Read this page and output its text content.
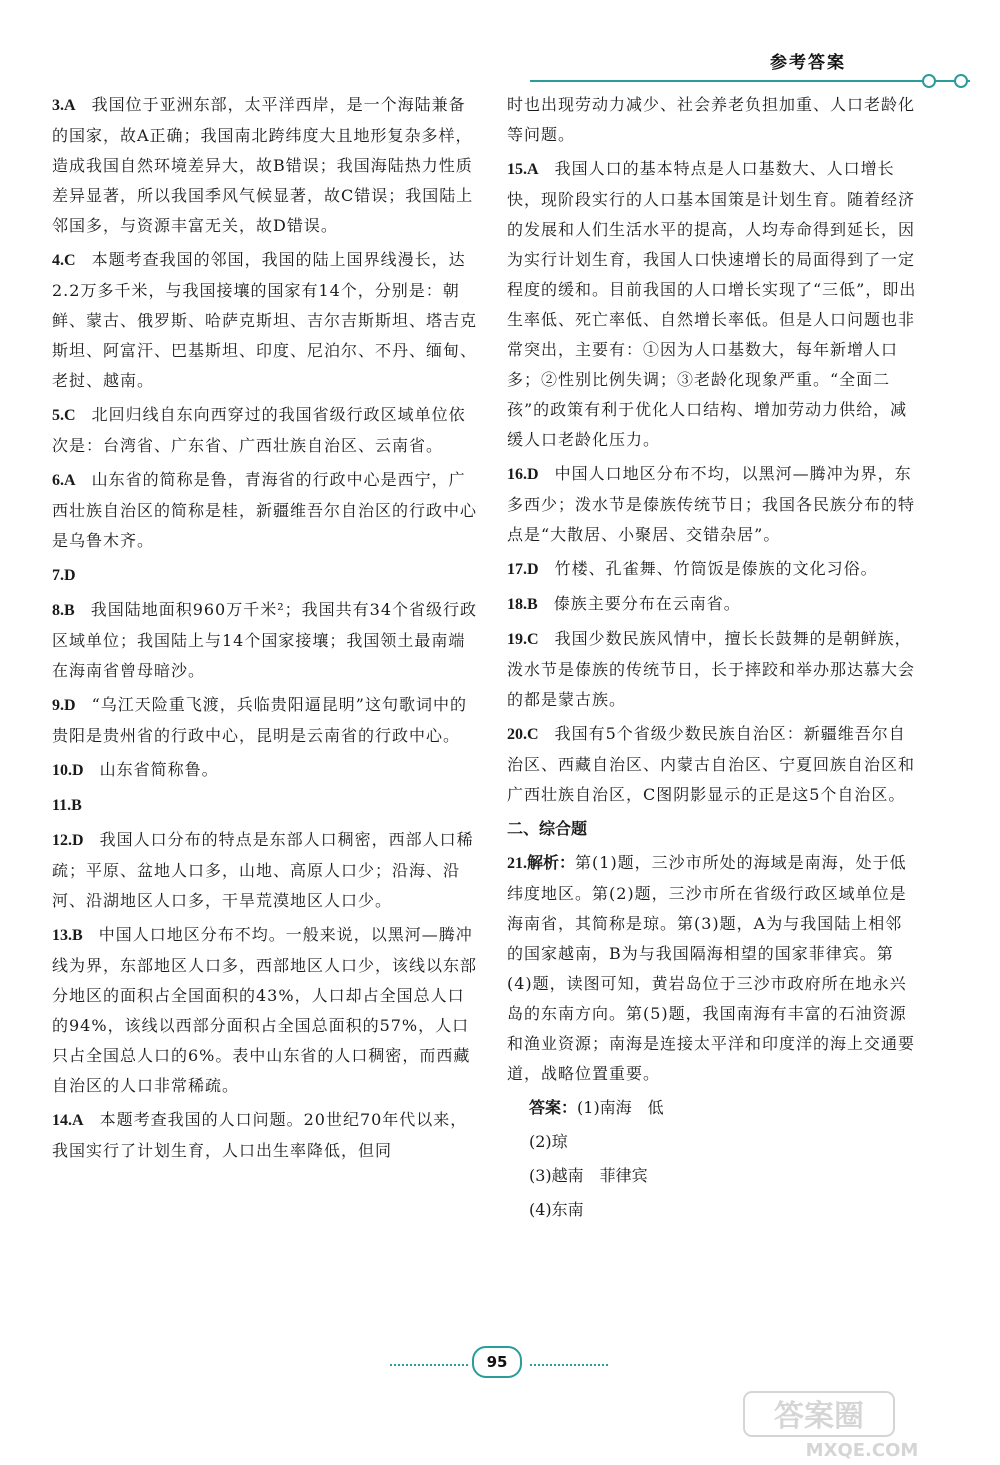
参考答案
3.A　 我国位于亚洲东部，太平洋西岸，是一个海陆兼备的国家，故A正确；我国南北跨纬度大且地形复杂多样，造成我国自然环境差异大，故B错误；我国海陆热力性质差异显著，所以我国季风气候显著，故C错误；我国陆上邻国多，与资源丰富无关，故D错误。
4.C　 本题考查我国的邻国，我国的陆上国界线漫长，达2.2万多千米，与我国接壤的国家有14个，分别是：朝鲜、蒙古、俄罗斯、哈萨克斯坦、吉尔吉斯斯坦、塔吉克斯坦、阿富汗、巴基斯坦、印度、尼泊尔、不丹、缅甸、老挝、越南。
5.C　 北回归线自东向西穿过的我国省级行政区域单位依次是：台湾省、广东省、广西壮族自治区、云南省。
6.A　 山东省的简称是鲁，青海省的行政中心是西宁，广西壮族自治区的简称是桂，新疆维吾尔自治区的行政中心是乌鲁木齐。
7.D
8.B　 我国陆地面积960万千米²；我国共有34个省级行政区域单位；我国陆上与14个国家接壤；我国领土最南端在海南省曾母暗沙。
9.D　 “乌江天险重飞渡，兵临贵阳逼昆明”这句歌词中的贵阳是贵州省的行政中心，昆明是云南省的行政中心。
10.D　 山东省简称鲁。
11.B
12.D　 我国人口分布的特点是东部人口稠密，西部人口稀疏；平原、盆地人口多，山地、高原人口少；沿海、沿河、沿湖地区人口多，干旱荒漠地区人口少。
13.B　 中国人口地区分布不均。一般来说，以黑河—腾冲线为界，东部地区人口多，西部地区人口少，该线以东部分地区的面积占全国面积的43%，人口却占全国总人口的94%，该线以西部分面积占全国总面积的57%，人口只占全国总人口的6%。表中山东省的人口稠密，而西藏自治区的人口非常稀疏。
14.A　 本题考查我国的人口问题。20世纪70年代以来，我国实行了计划生育，人口出生率降低，但同
时也出现劳动力减少、社会养老负担加重、人口老龄化等问题。
15.A　 我国人口的基本特点是人口基数大、人口增长快，现阶段实行的人口基本国策是计划生育。随着经济的发展和人们生活水平的提高，人均寿命得到延长，因为实行计划生育，我国人口快速增长的局面得到了一定程度的缓和。目前我国的人口增长实现了“三低”，即出生率低、死亡率低、自然增长率低。但是人口问题也非常突出，主要有：①因为人口基数大，每年新增人口多；②性别比例失调；③老龄化现象严重。“全面二孩”的政策有利于优化人口结构、增加劳动力供给，减缓人口老龄化压力。
16.D　 中国人口地区分布不均，以黑河—腾冲为界，东多西少；泼水节是傣族传统节日；我国各民族分布的特点是“大散居、小聚居、交错杂居”。
17.D　 竹楼、孔雀舞、竹筒饭是傣族的文化习俗。
18.B　 傣族主要分布在云南省。
19.C　 我国少数民族风情中，擅长长鼓舞的是朝鲜族，泼水节是傣族的传统节日，长于摔跤和举办那达慕大会的都是蒙古族。
20.C　 我国有5个省级少数民族自治区：新疆维吾尔自治区、西藏自治区、内蒙古自治区、宁夏回族自治区和广西壮族自治区，C图阴影显示的正是这5个自治区。
二、综合题
21.解析：第(1)题，三沙市所处的海域是南海，处于低纬度地区。第(2)题，三沙市所在省级行政区域单位是海南省，其简称是琼。第(3)题，A为与我国陆上相邻的国家越南，B为与我国隔海相望的国家菲律宾。第(4)题，读图可知，黄岩岛位于三沙市政府所在地永兴岛的东南方向。第(5)题，我国南海有丰富的石油资源和渔业资源；南海是连接太平洋和印度洋的海上交通要道，战略位置重要。
答案：(1)南海　低
(2)琼
(3)越南　菲律宾
(4)东南
95
答案圈
MXQE.COM
